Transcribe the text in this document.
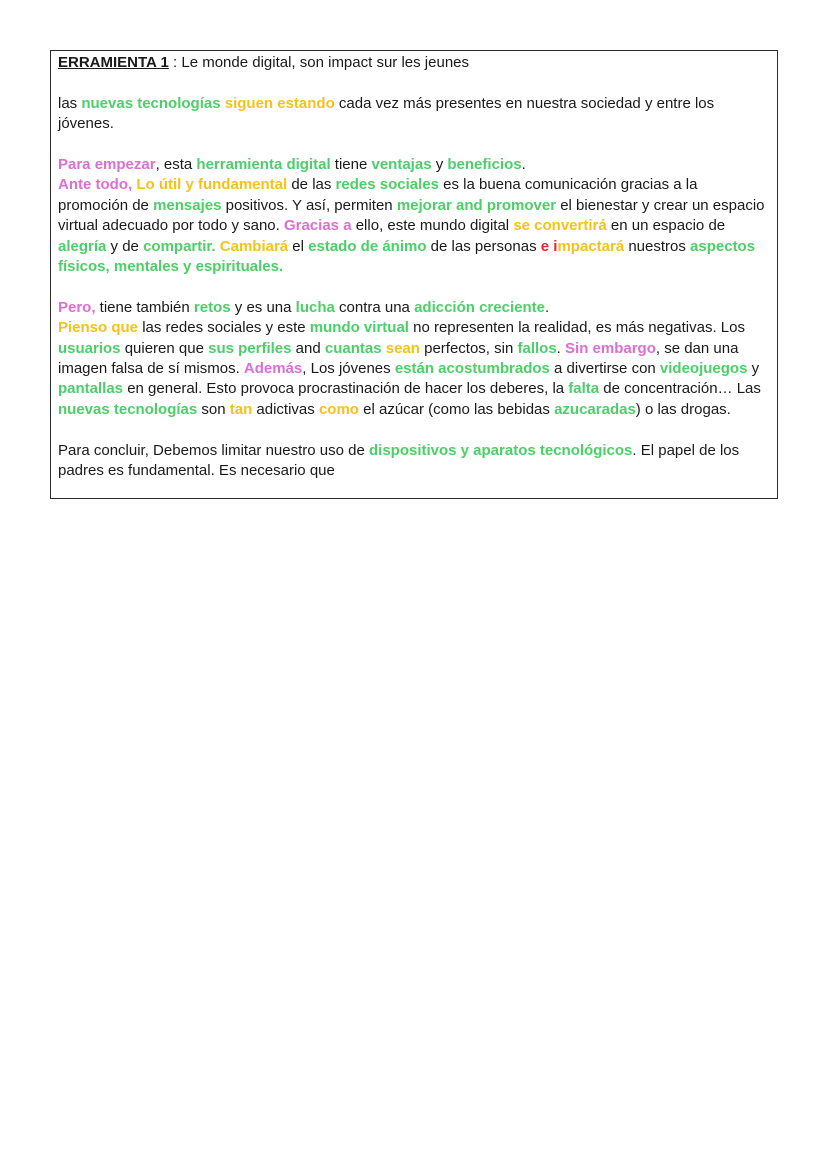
ERRAMIENTA 1 : Le monde digital, son impact sur les jeunes

las nuevas tecnologías siguen estando cada vez más presentes en nuestra sociedad y entre los jóvenes.

Para empezar, esta herramienta digital tiene ventajas y beneficios.
Ante todo, Lo útil y fundamental de las redes sociales es la buena comunicación gracias a la promoción de mensajes positivos. Y así, permiten mejorar and promover el bienestar y crear un espacio virtual adecuado por todo y sano. Gracias a ello, este mundo digital se convertirá en un espacio de alegría y de compartir. Cambiará el estado de ánimo de las personas e impactará nuestros aspectos físicos, mentales y espirituales.

Pero, tiene también retos y es una lucha contra una adicción creciente.
Pienso que las redes sociales y este mundo virtual no representen la realidad, es más negativas. Los usuarios quieren que sus perfiles and cuantas sean perfectos, sin fallos. Sin embargo, se dan una imagen falsa de sí mismos. Además, Los jóvenes están acostumbrados a divertirse con videojuegos y pantallas en general. Esto provoca procrastinación de hacer los deberes, la falta de concentración… Las nuevas tecnologías son tan adictivas como el azúcar (como las bebidas azucaradas) o las drogas.

Para concluir, Debemos limitar nuestro uso de dispositivos y aparatos tecnológicos. El papel de los padres es fundamental. Es necesario que
